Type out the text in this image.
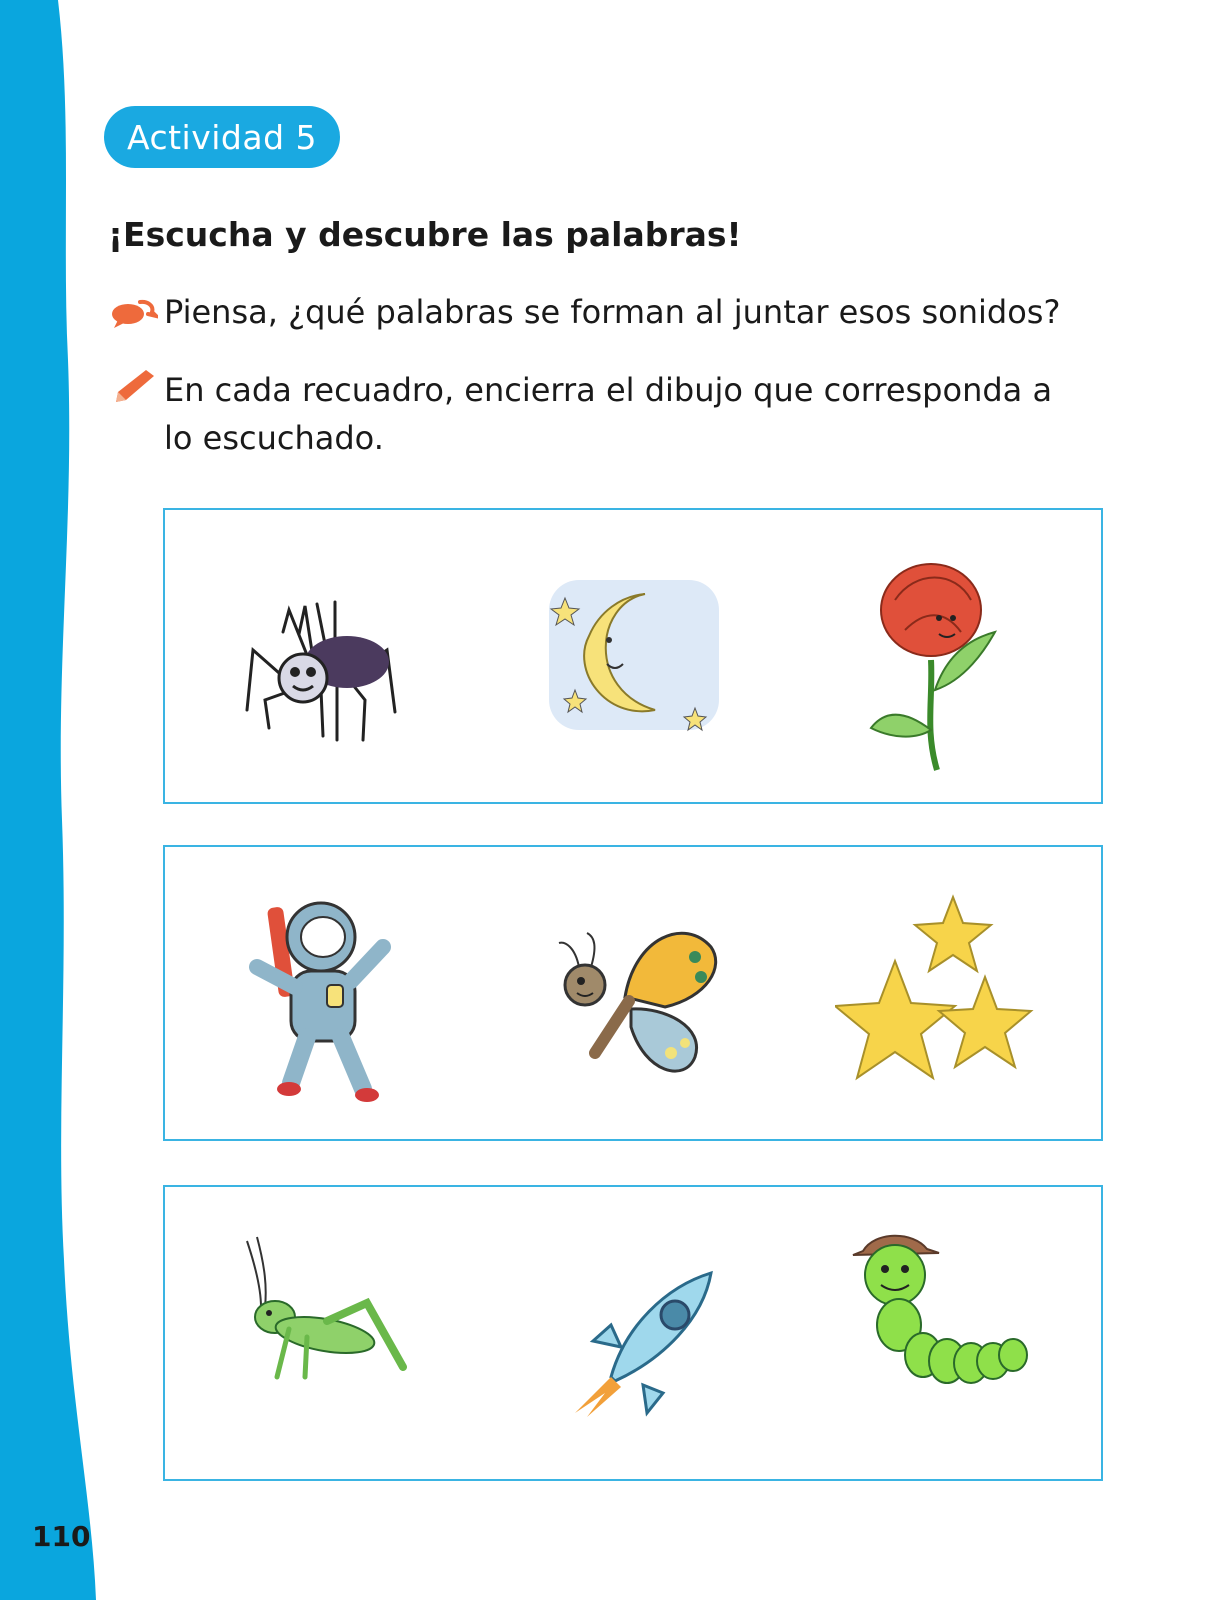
110
Actividad 5
¡Escucha y descubre las palabras!
Piensa, ¿qué palabras se forman al juntar esos sonidos?
En cada recuadro, encierra el dibujo que corresponda a lo escuchado.
